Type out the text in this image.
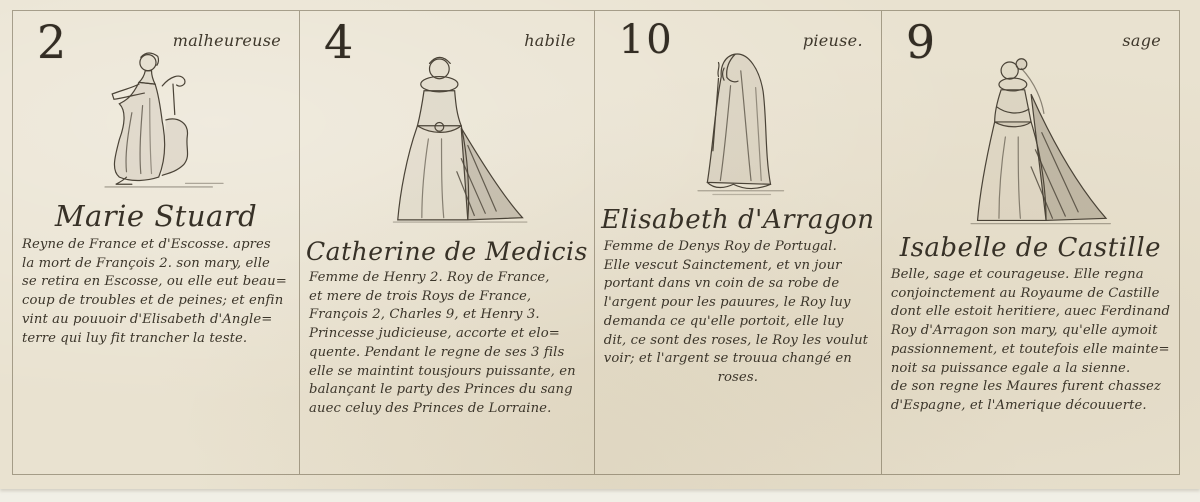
2	malheureuse
Marie Stuard
Reyne de France et d'Escosse. apres
la mort de François 2. son mary, elle
se retira en Escosse, ou elle eut beau=
coup de troubles et de peines; et enfin
vint au pouuoir d'Elisabeth d'Angle=
terre qui luy fit trancher la teste.
4	habile
Catherine de Medicis
Femme de Henry 2. Roy de France,
et mere de trois Roys de France,
François 2, Charles 9, et Henry 3.
Princesse judicieuse, accorte et elo=
quente. Pendant le regne de ses 3 fils
elle se maintint tousjours puissante, en
balançant le party des Princes du sang
auec celuy des Princes de Lorraine.
10	pieuse.
Elisabeth d'Arragon
Femme de Denys Roy de Portugal.
Elle vescut Sainctement, et vn jour
portant dans vn coin de sa robe de
l'argent pour les pauures, le Roy luy
demanda ce qu'elle portoit, elle luy
dit, ce sont des roses, le Roy les voulut
voir; et l'argent se trouua changé en
roses.
9	sage
Isabelle de Castille
Belle, sage et courageuse. Elle regna
conjoinctement au Royaume de Castille
dont elle estoit heritiere, auec Ferdinand
Roy d'Arragon son mary, qu'elle aymoit
passionnement, et toutefois elle mainte=
noit sa puissance egale a la sienne.
de son regne les Maures furent chassez
d'Espagne, et l'Amerique découuerte.
